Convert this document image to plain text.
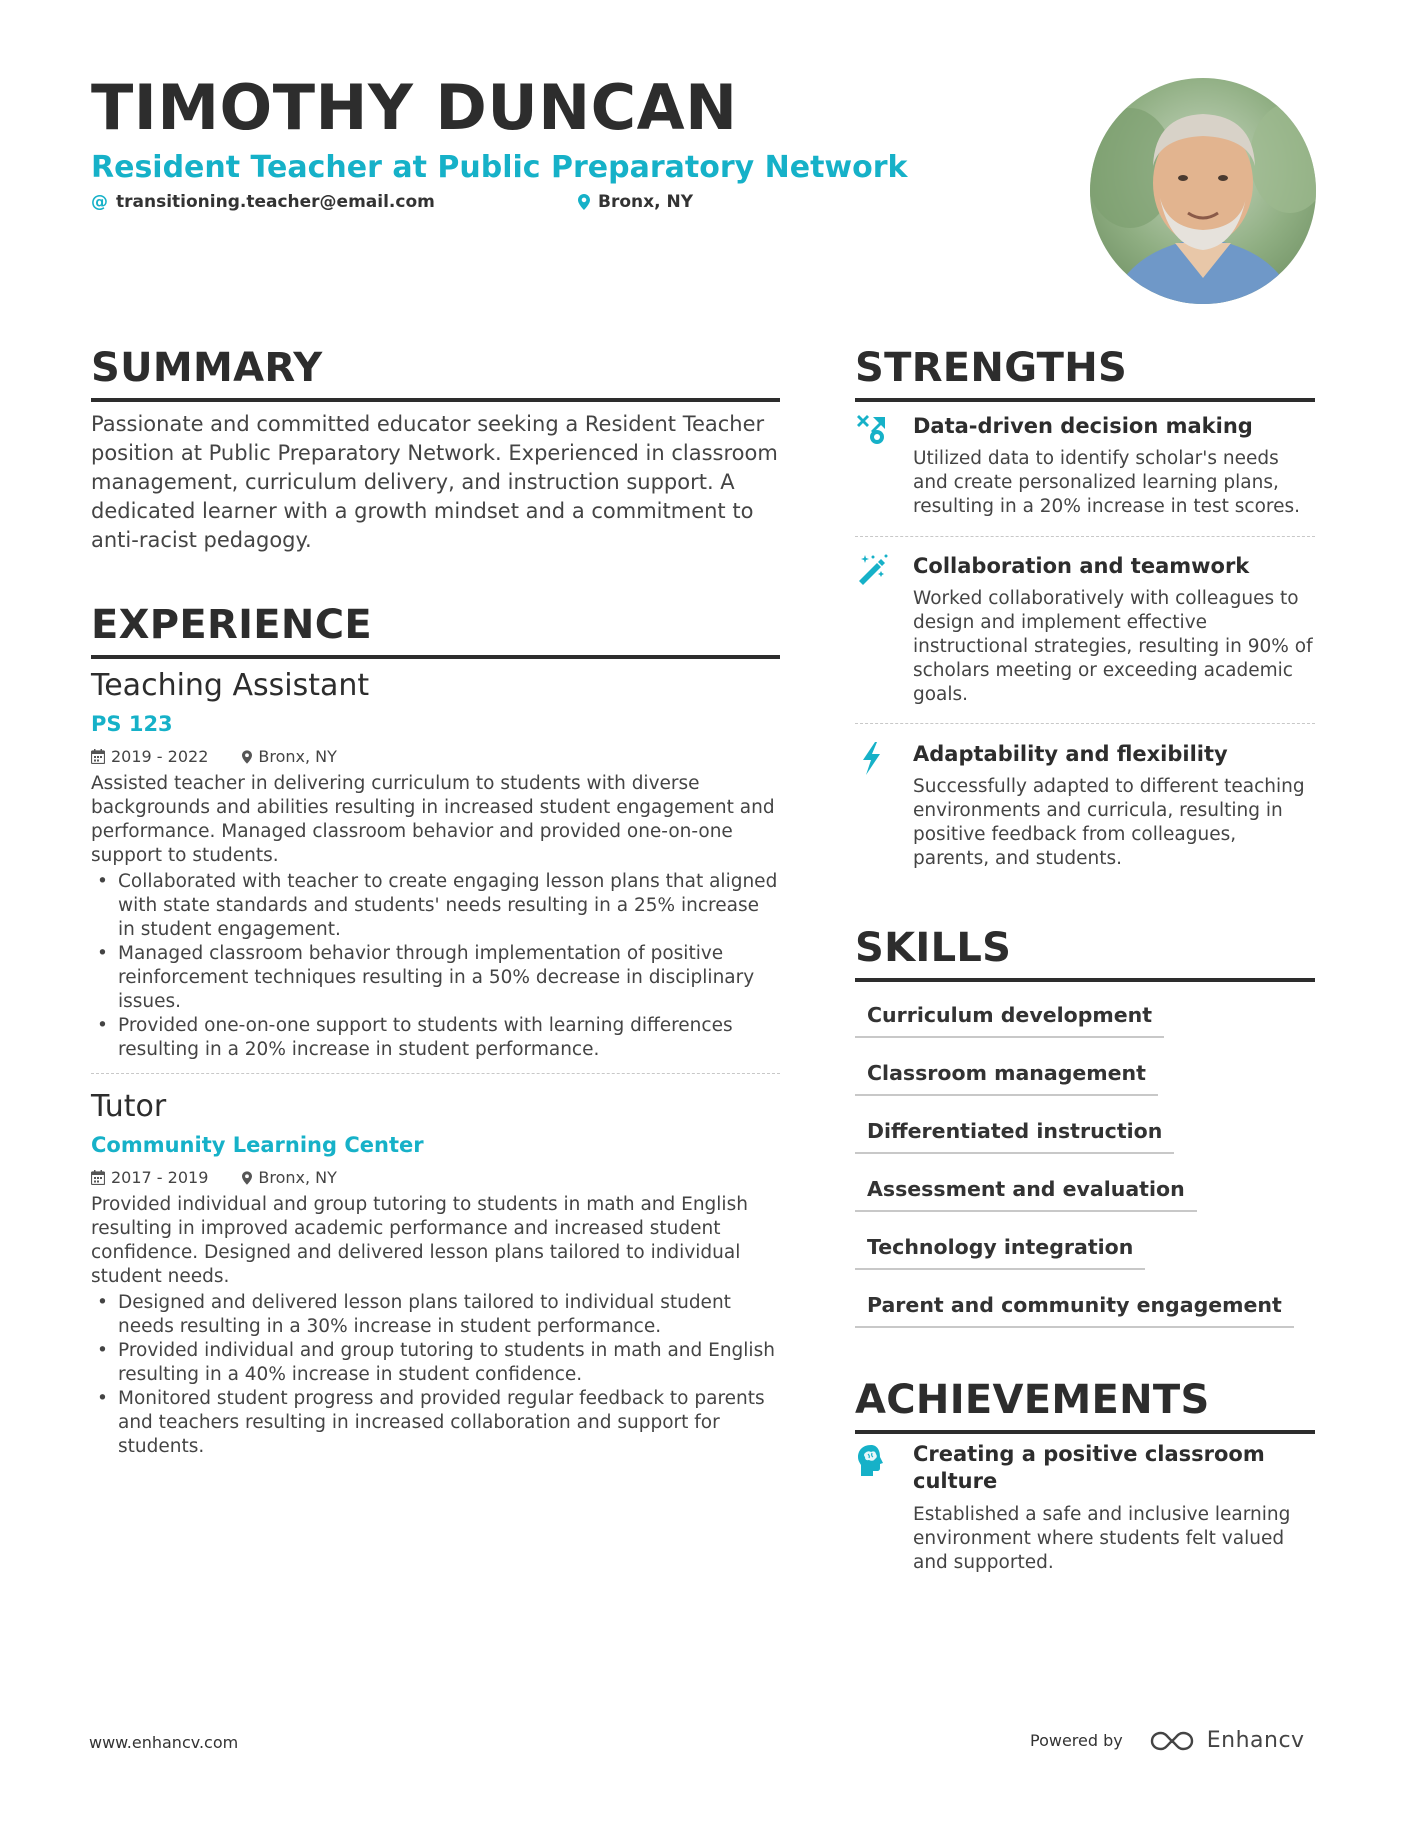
TIMOTHY DUNCAN
Resident Teacher at Public Preparatory Network
@ transitioning.teacher@email.com	Bronx, NY
SUMMARY
Passionate and committed educator seeking a Resident Teacher position at Public Preparatory Network. Experienced in classroom management, curriculum delivery, and instruction support. A dedicated learner with a growth mindset and a commitment to anti-racist pedagogy.
EXPERIENCE
Teaching Assistant
PS 123
2019 - 2022	Bronx, NY
Assisted teacher in delivering curriculum to students with diverse backgrounds and abilities resulting in increased student engagement and performance. Managed classroom behavior and provided one-on-one support to students.
• Collaborated with teacher to create engaging lesson plans that aligned with state standards and students' needs resulting in a 25% increase in student engagement.
• Managed classroom behavior through implementation of positive reinforcement techniques resulting in a 50% decrease in disciplinary issues.
• Provided one-on-one support to students with learning differences resulting in a 20% increase in student performance.
Tutor
Community Learning Center
2017 - 2019	Bronx, NY
Provided individual and group tutoring to students in math and English resulting in improved academic performance and increased student confidence. Designed and delivered lesson plans tailored to individual student needs.
• Designed and delivered lesson plans tailored to individual student needs resulting in a 30% increase in student performance.
• Provided individual and group tutoring to students in math and English resulting in a 40% increase in student confidence.
• Monitored student progress and provided regular feedback to parents and teachers resulting in increased collaboration and support for students.
STRENGTHS
Data-driven decision making
Utilized data to identify scholar's needs and create personalized learning plans, resulting in a 20% increase in test scores.
Collaboration and teamwork
Worked collaboratively with colleagues to design and implement effective instructional strategies, resulting in 90% of scholars meeting or exceeding academic goals.
Adaptability and flexibility
Successfully adapted to different teaching environments and curricula, resulting in positive feedback from colleagues, parents, and students.
SKILLS
Curriculum development
Classroom management
Differentiated instruction
Assessment and evaluation
Technology integration
Parent and community engagement
ACHIEVEMENTS
Creating a positive classroom culture
Established a safe and inclusive learning environment where students felt valued and supported.
www.enhancv.com	Powered by	Enhancv
